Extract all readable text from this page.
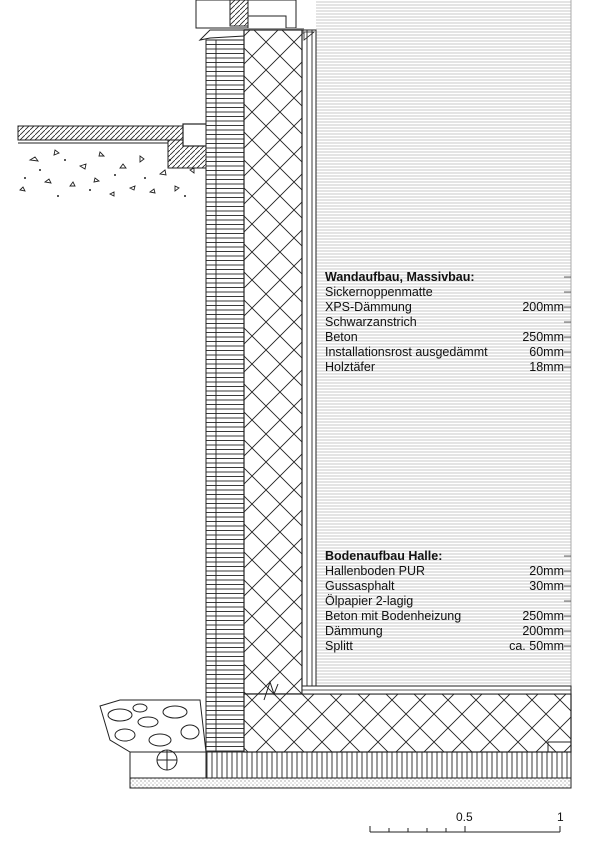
Wandaufbau, Massivbau:
Sickernoppenmatte
XPS-Dämmung	200mm
Schwarzanstrich
Beton	250mm
Installationsrost ausgedämmt	60mm
Holztäfer	18mm
Bodenaufbau Halle:
Hallenboden PUR	20mm
Gussasphalt	30mm
Ölpapier 2-lagig
Beton mit Bodenheizung	250mm
Dämmung	200mm
Splitt	ca. 50mm
0.5	1
